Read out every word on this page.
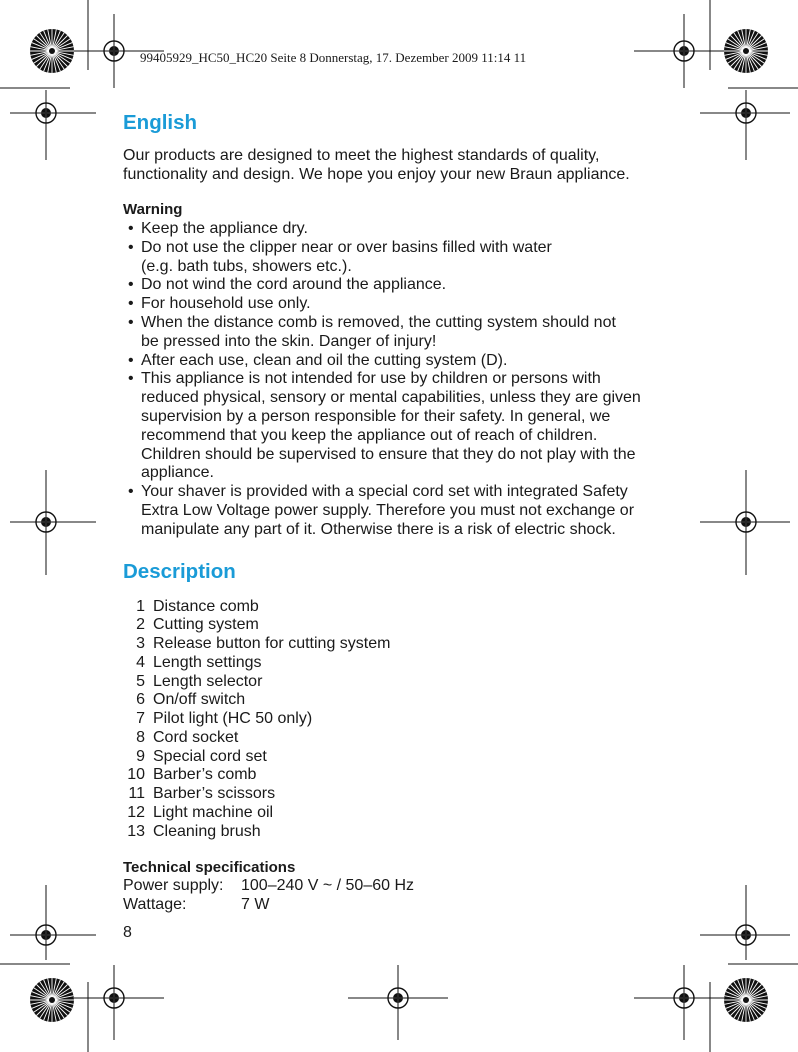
99405929_HC50_HC20 Seite 8 Donnerstag, 17. Dezember 2009 11:14 11
English

Our products are designed to meet the highest standards of quality,
functionality and design. We hope you enjoy your new Braun appliance.

Warning
• Keep the appliance dry.
• Do not use the clipper near or over basins filled with water
(e.g. bath tubs, showers etc.).
• Do not wind the cord around the appliance.
• For household use only.
• When the distance comb is removed, the cutting system should not
be pressed into the skin. Danger of injury!
• After each use, clean and oil the cutting system (D).
• This appliance is not intended for use by children or persons with
reduced physical, sensory or mental capabilities, unless they are given
supervision by a person responsible for their safety. In general, we
recommend that you keep the appliance out of reach of children.
Children should be supervised to ensure that they do not play with the
appliance.
• Your shaver is provided with a special cord set with integrated Safety
Extra Low Voltage power supply. Therefore you must not exchange or
manipulate any part of it. Otherwise there is a risk of electric shock.
Description
1 Distance comb
2 Cutting system
3 Release button for cutting system
4 Length settings
5 Length selector
6 On/off switch
7 Pilot light (HC 50 only)
8 Cord socket
9 Special cord set
10 Barber’s comb
11 Barber’s scissors
12 Light machine oil
13 Cleaning brush
Technical specifications
Power supply:	100–240 V ~ / 50–60 Hz
Wattage:	7 W
8
